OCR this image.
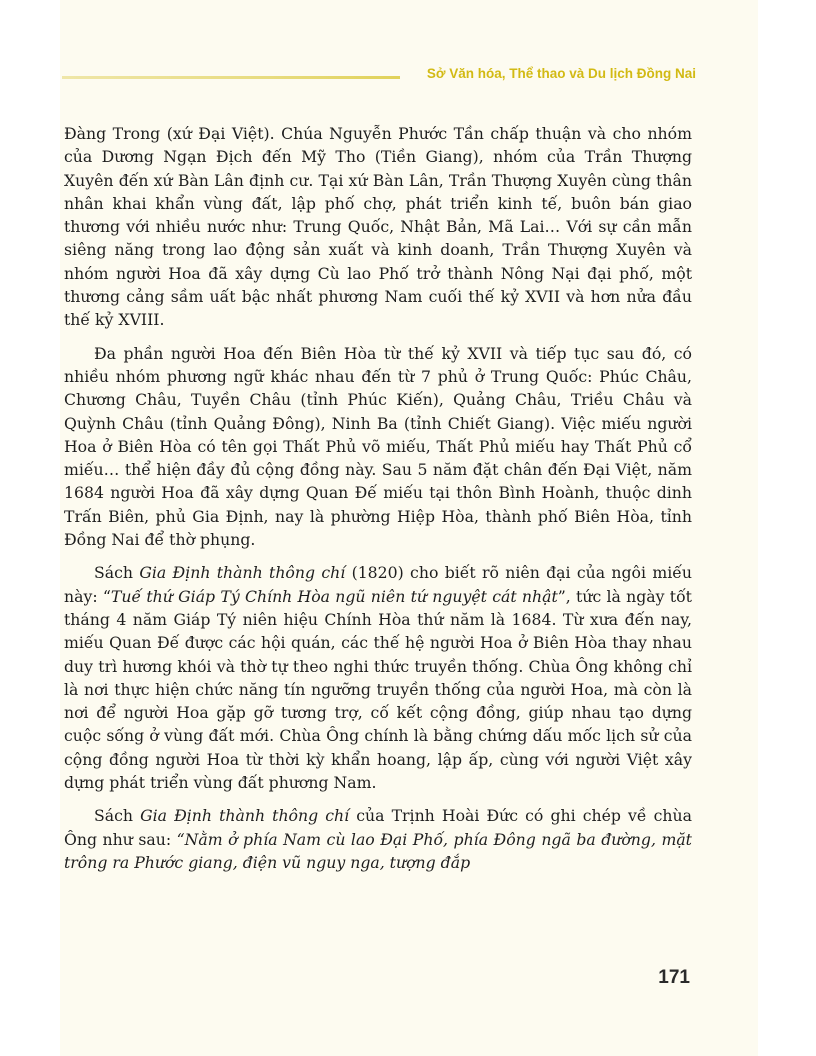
Sở Văn hóa, Thể thao và Du lịch Đồng Nai

Đàng Trong (xứ Đại Việt). Chúa Nguyễn Phước Tần chấp thuận và cho nhóm của Dương Ngạn Địch đến Mỹ Tho (Tiền Giang), nhóm của Trần Thượng Xuyên đến xứ Bàn Lân định cư. Tại xứ Bàn Lân, Trần Thượng Xuyên cùng thân nhân khai khẩn vùng đất, lập phố chợ, phát triển kinh tế, buôn bán giao thương với nhiều nước như: Trung Quốc, Nhật Bản, Mã Lai… Với sự cần mẫn siêng năng trong lao động sản xuất và kinh doanh, Trần Thượng Xuyên và nhóm người Hoa đã xây dựng Cù lao Phố trở thành Nông Nại đại phố, một thương cảng sầm uất bậc nhất phương Nam cuối thế kỷ XVII và hơn nửa đầu thế kỷ XVIII.

Đa phần người Hoa đến Biên Hòa từ thế kỷ XVII và tiếp tục sau đó, có nhiều nhóm phương ngữ khác nhau đến từ 7 phủ ở Trung Quốc: Phúc Châu, Chương Châu, Tuyền Châu (tỉnh Phúc Kiến), Quảng Châu, Triều Châu và Quỳnh Châu (tỉnh Quảng Đông), Ninh Ba (tỉnh Chiết Giang). Việc miếu người Hoa ở Biên Hòa có tên gọi Thất Phủ võ miếu, Thất Phủ miếu hay Thất Phủ cổ miếu… thể hiện đầy đủ cộng đồng này. Sau 5 năm đặt chân đến Đại Việt, năm 1684 người Hoa đã xây dựng Quan Đế miếu tại thôn Bình Hoành, thuộc dinh Trấn Biên, phủ Gia Định, nay là phường Hiệp Hòa, thành phố Biên Hòa, tỉnh Đồng Nai để thờ phụng.

Sách Gia Định thành thông chí (1820) cho biết rõ niên đại của ngôi miếu này: “Tuế thứ Giáp Tý Chính Hòa ngũ niên tứ nguyệt cát nhật”, tức là ngày tốt tháng 4 năm Giáp Tý niên hiệu Chính Hòa thứ năm là 1684. Từ xưa đến nay, miếu Quan Đế được các hội quán, các thế hệ người Hoa ở Biên Hòa thay nhau duy trì hương khói và thờ tự theo nghi thức truyền thống. Chùa Ông không chỉ là nơi thực hiện chức năng tín ngưỡng truyền thống của người Hoa, mà còn là nơi để người Hoa gặp gỡ tương trợ, cố kết cộng đồng, giúp nhau tạo dựng cuộc sống ở vùng đất mới. Chùa Ông chính là bằng chứng dấu mốc lịch sử của cộng đồng người Hoa từ thời kỳ khẩn hoang, lập ấp, cùng với người Việt xây dựng phát triển vùng đất phương Nam.

Sách Gia Định thành thông chí của Trịnh Hoài Đức có ghi chép về chùa Ông như sau: “Nằm ở phía Nam cù lao Đại Phố, phía Đông ngã ba đường, mặt trông ra Phước giang, điện vũ nguy nga, tượng đắp

171
